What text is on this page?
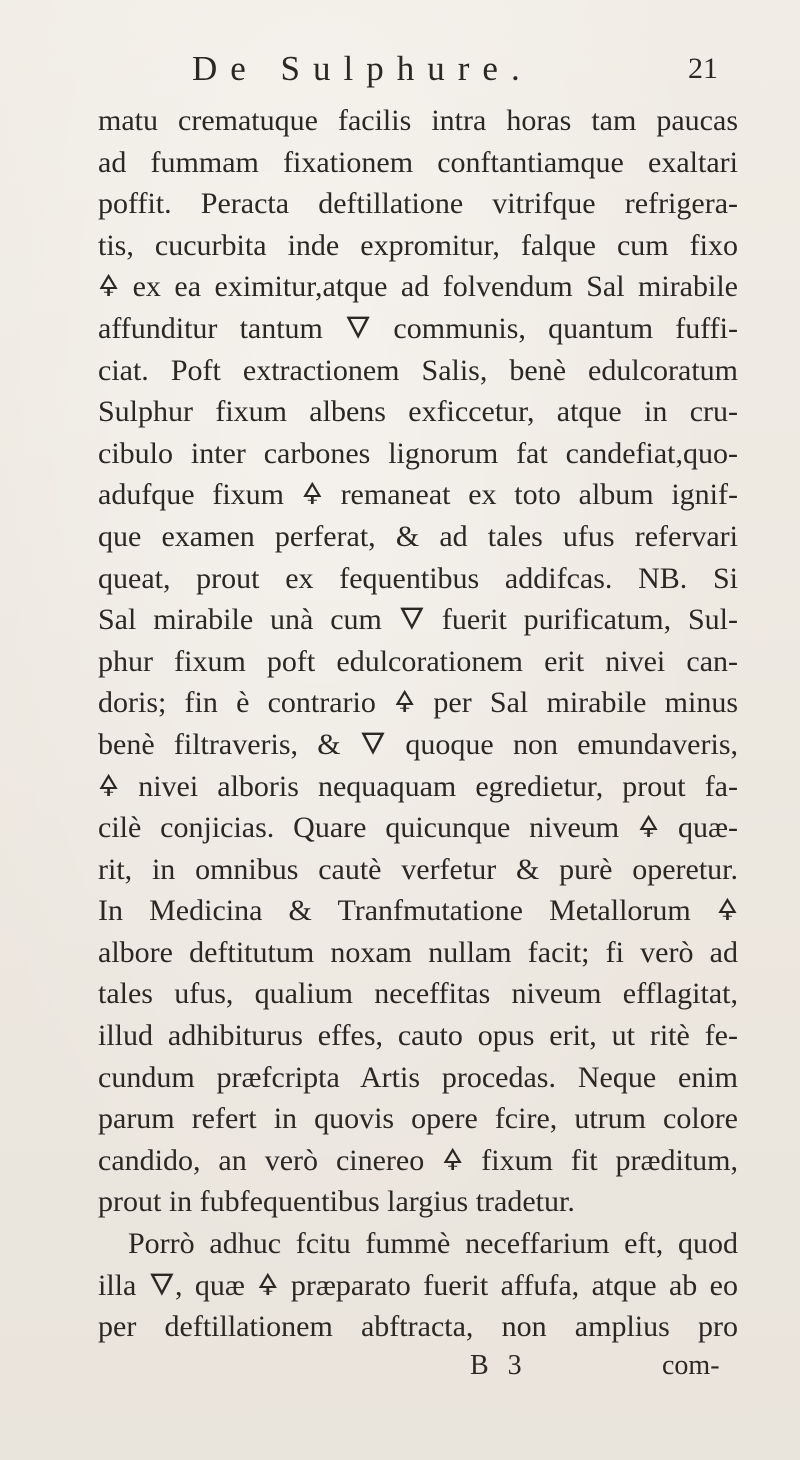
De Sulphure.	21
matu crematuque facilis intra horas tam paucas
ad fummam fixationem conftantiamque exaltari
poffit. Peracta deftillatione vitrifque refrigera-
tis, cucurbita inde expromitur, falque cum fixo
🜍 ex ea eximitur,atque ad folvendum Sal mirabile
affunditur tantum 🜄 communis, quantum fuffi-
ciat. Poft extractionem Salis, benè edulcoratum
Sulphur fixum albens exficcetur, atque in cru-
cibulo inter carbones lignorum fat candefiat,quo-
adufque fixum 🜍 remaneat ex toto album ignif-
que examen perferat, & ad tales ufus refervari
queat, prout ex fequentibus addifcas. NB. Si
Sal mirabile unà cum 🜄 fuerit purificatum, Sul-
phur fixum poft edulcorationem erit nivei can-
doris; fin è contrario 🜍 per Sal mirabile minus
benè filtraveris, & 🜄 quoque non emundaveris,
🜍 nivei alboris nequaquam egredietur, prout fa-
cilè conjicias. Quare quicunque niveum 🜍 quæ-
rit, in omnibus cautè verfetur & purè operetur.
In Medicina & Tranfmutatione Metallorum 🜍
albore deftitutum noxam nullam facit; fi verò ad
tales ufus, qualium neceffitas niveum efflagitat,
illud adhibiturus effes, cauto opus erit, ut ritè fe-
cundum præfcripta Artis procedas. Neque enim
parum refert in quovis opere fcire, utrum colore
candido, an verò cinereo 🜍 fixum fit præditum,
prout in fubfequentibus largius tradetur.
Porrò adhuc fcitu fummè neceffarium eft, quod
illa 🜄, quæ 🜍 præparato fuerit affufa, atque ab eo
per deftillationem abftracta, non amplius pro
B 3	com-
